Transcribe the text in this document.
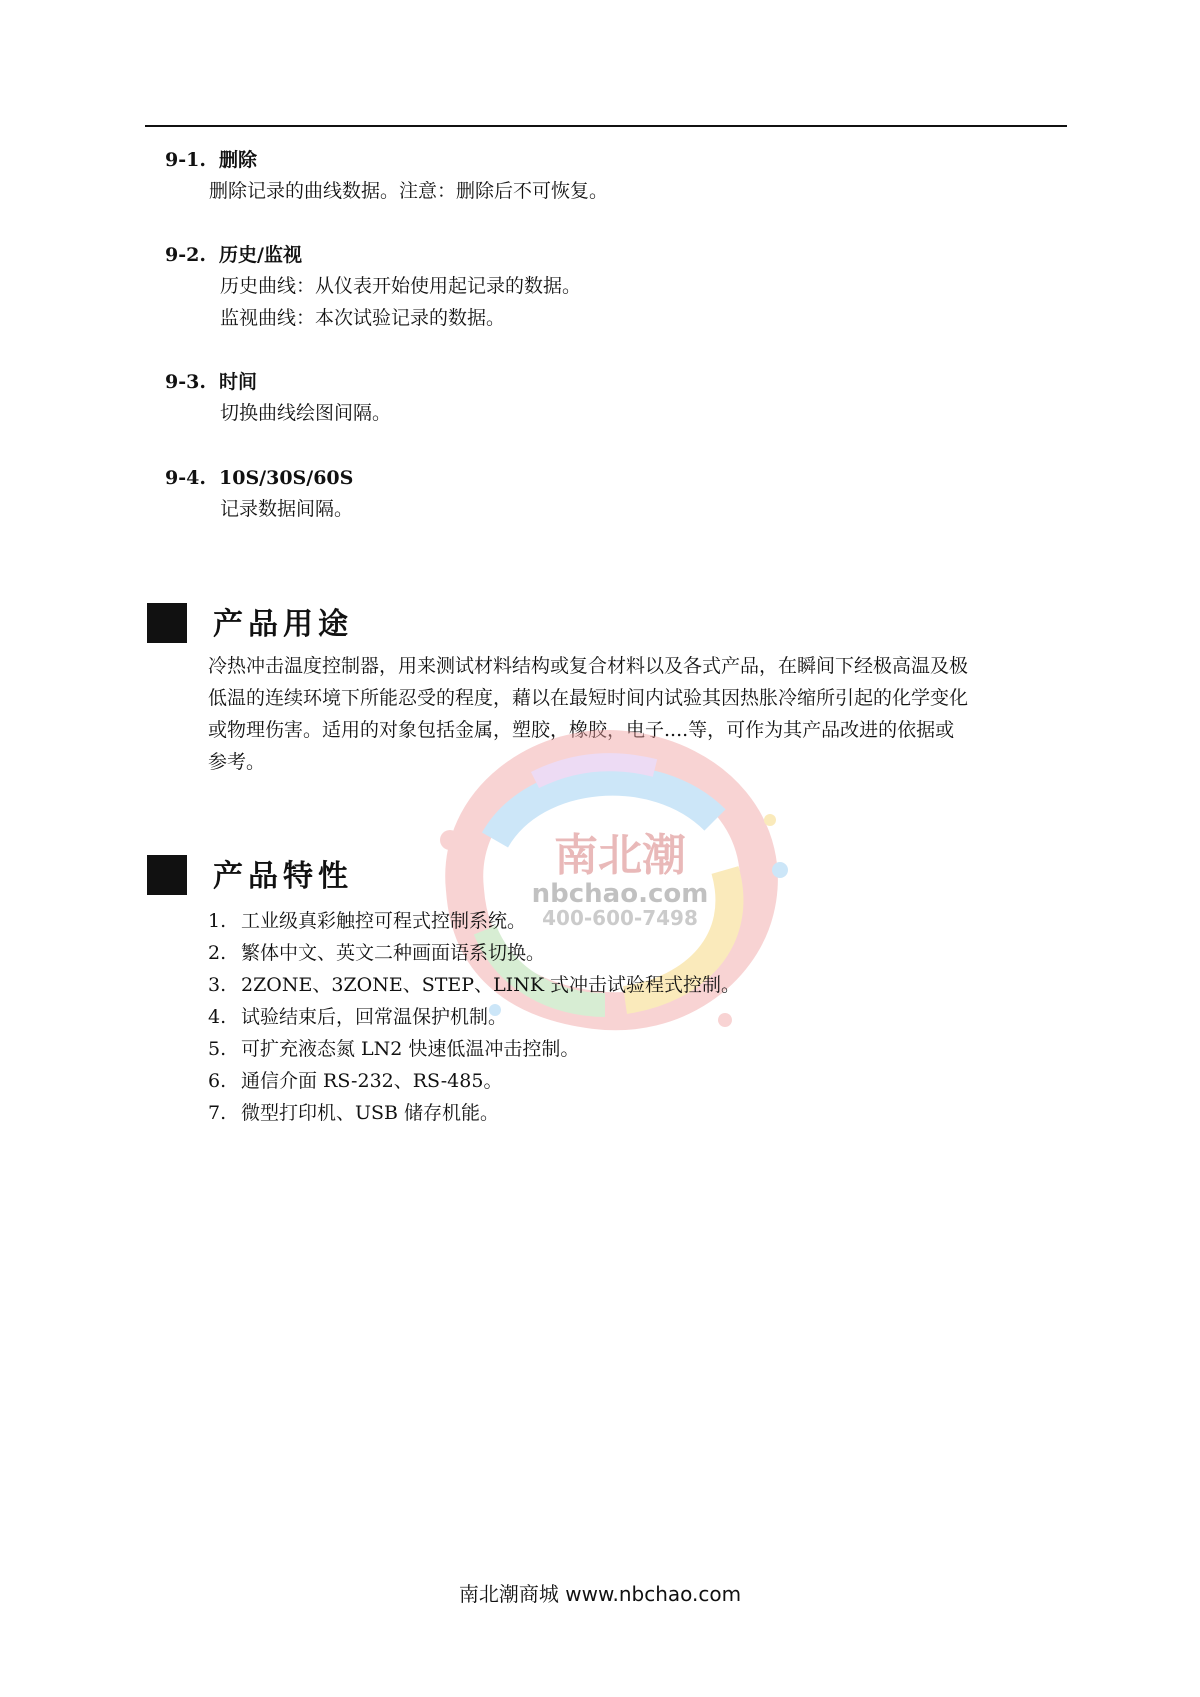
9-1. 删除
删除记录的曲线数据。注意：删除后不可恢复。
9-2. 历史/监视
历史曲线：从仪表开始使用起记录的数据。
监视曲线：本次试验记录的数据。
9-3. 时间
切换曲线绘图间隔。
9-4. 10S/30S/60S
记录数据间隔。
产品用途
冷热冲击温度控制器，用来测试材料结构或复合材料以及各式产品，在瞬间下经极高温及极
低温的连续环境下所能忍受的程度，藉以在最短时间内试验其因热胀冷缩所引起的化学变化
或物理伤害。适用的对象包括金属，塑胶，橡胶，电子....等，可作为其产品改进的依据或
参考。
南北潮
nbchao.com
400-600-7498
产品特性
1. 工业级真彩触控可程式控制系统。
2. 繁体中文、英文二种画面语系切换。
3. 2ZONE、3ZONE、STEP、LINK 式冲击试验程式控制。
4. 试验结束后，回常温保护机制。
5. 可扩充液态氮 LN2 快速低温冲击控制。
6. 通信介面 RS-232、RS-485。
7. 微型打印机、USB 储存机能。
南北潮商城 www.nbchao.com
